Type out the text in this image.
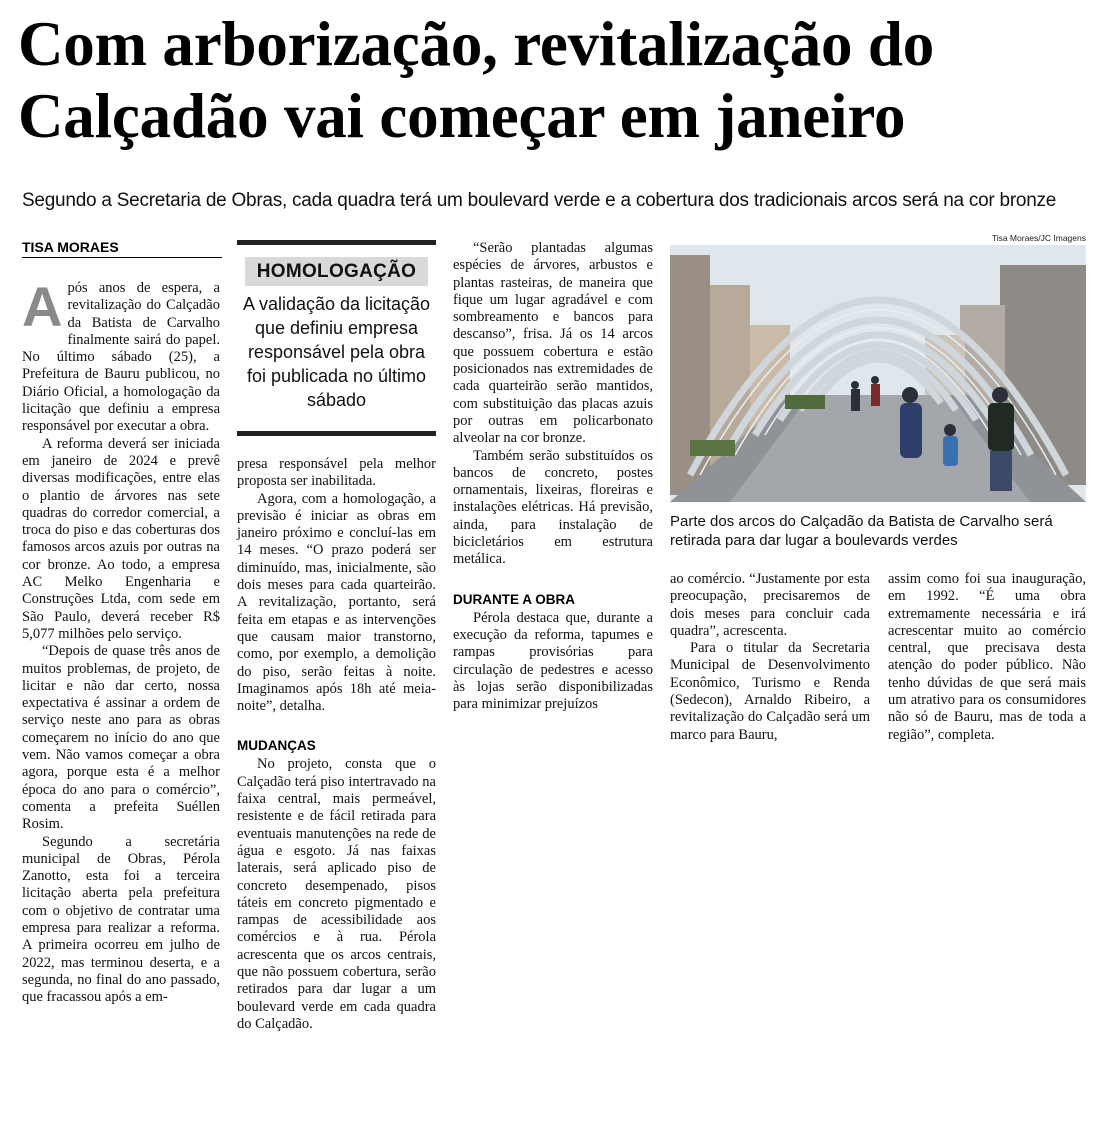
Com arborização, revitalização do Calçadão vai começar em janeiro

Segundo a Secretaria de Obras, cada quadra terá um boulevard verde e a cobertura dos tradicionais arcos será na cor bronze

TISA MORAES

Após anos de espera, a revitalização do Calçadão da Batista de Carvalho finalmente sairá do papel. No último sábado (25), a Prefeitura de Bauru publicou, no Diário Oficial, a homologação da licitação que definiu a empresa responsável por executar a obra.

A reforma deverá ser iniciada em janeiro de 2024 e prevê diversas modificações, entre elas o plantio de árvores nas sete quadras do corredor comercial, a troca do piso e das coberturas dos famosos arcos azuis por outras na cor bronze. Ao todo, a empresa AC Melko Engenharia e Construções Ltda, com sede em São Paulo, deverá receber R$ 5,077 milhões pelo serviço.

“Depois de quase três anos de muitos problemas, de projeto, de licitar e não dar certo, nossa expectativa é assinar a ordem de serviço neste ano para as obras começarem no início do ano que vem. Não vamos começar a obra agora, porque esta é a melhor época do ano para o comércio”, comenta a prefeita Suéllen Rosim.

Segundo a secretária municipal de Obras, Pérola Zanotto, esta foi a terceira licitação aberta pela prefeitura com o objetivo de contratar uma empresa para realizar a reforma. A primeira ocorreu em julho de 2022, mas terminou deserta, e a segunda, no final do ano passado, que fracassou após a em-

HOMOLOGAÇÃO
A validação da licitação que definiu empresa responsável pela obra foi publicada no último sábado

presa responsável pela melhor proposta ser inabilitada.

Agora, com a homologação, a previsão é iniciar as obras em janeiro próximo e concluí-las em 14 meses. “O prazo poderá ser diminuído, mas, inicialmente, são dois meses para cada quarteirão. A revitalização, portanto, será feita em etapas e as intervenções que causam maior transtorno, como, por exemplo, a demolição do piso, serão feitas à noite. Imaginamos após 18h até meia-noite”, detalha.

MUDANÇAS

No projeto, consta que o Calçadão terá piso intertravado na faixa central, mais permeável, resistente e de fácil retirada para eventuais manutenções na rede de água e esgoto. Já nas faixas laterais, será aplicado piso de concreto desempenado, pisos táteis em concreto pigmentado e rampas de acessibilidade aos comércios e à rua. Pérola acrescenta que os arcos centrais, que não possuem cobertura, serão retirados para dar lugar a um boulevard verde em cada quadra do Calçadão.

“Serão plantadas algumas espécies de árvores, arbustos e plantas rasteiras, de maneira que fique um lugar agradável e com sombreamento e bancos para descanso”, frisa. Já os 14 arcos que possuem cobertura e estão posicionados nas extremidades de cada quarteirão serão mantidos, com substituição das placas azuis por outras em policarbonato alveolar na cor bronze.

Também serão substituídos os bancos de concreto, postes ornamentais, lixeiras, floreiras e instalações elétricas. Há previsão, ainda, para instalação de bicicletários em estrutura metálica.

DURANTE A OBRA

Pérola destaca que, durante a execução da reforma, tapumes e rampas provisórias para circulação de pedestres e acesso às lojas serão disponibilizadas para minimizar prejuízos

Tisa Moraes/JC Imagens
Parte dos arcos do Calçadão da Batista de Carvalho será retirada para dar lugar a boulevards verdes

ao comércio. “Justamente por esta preocupação, precisaremos de dois meses para concluir cada quadra”, acrescenta.

Para o titular da Secretaria Municipal de Desenvolvimento Econômico, Turismo e Renda (Sedecon), Arnaldo Ribeiro, a revitalização do Calçadão será um marco para Bauru,

assim como foi sua inauguração, em 1992. “É uma obra extremamente necessária e irá acrescentar muito ao comércio central, que precisava desta atenção do poder público. Não tenho dúvidas de que será mais um atrativo para os consumidores não só de Bauru, mas de toda a região”, completa.
